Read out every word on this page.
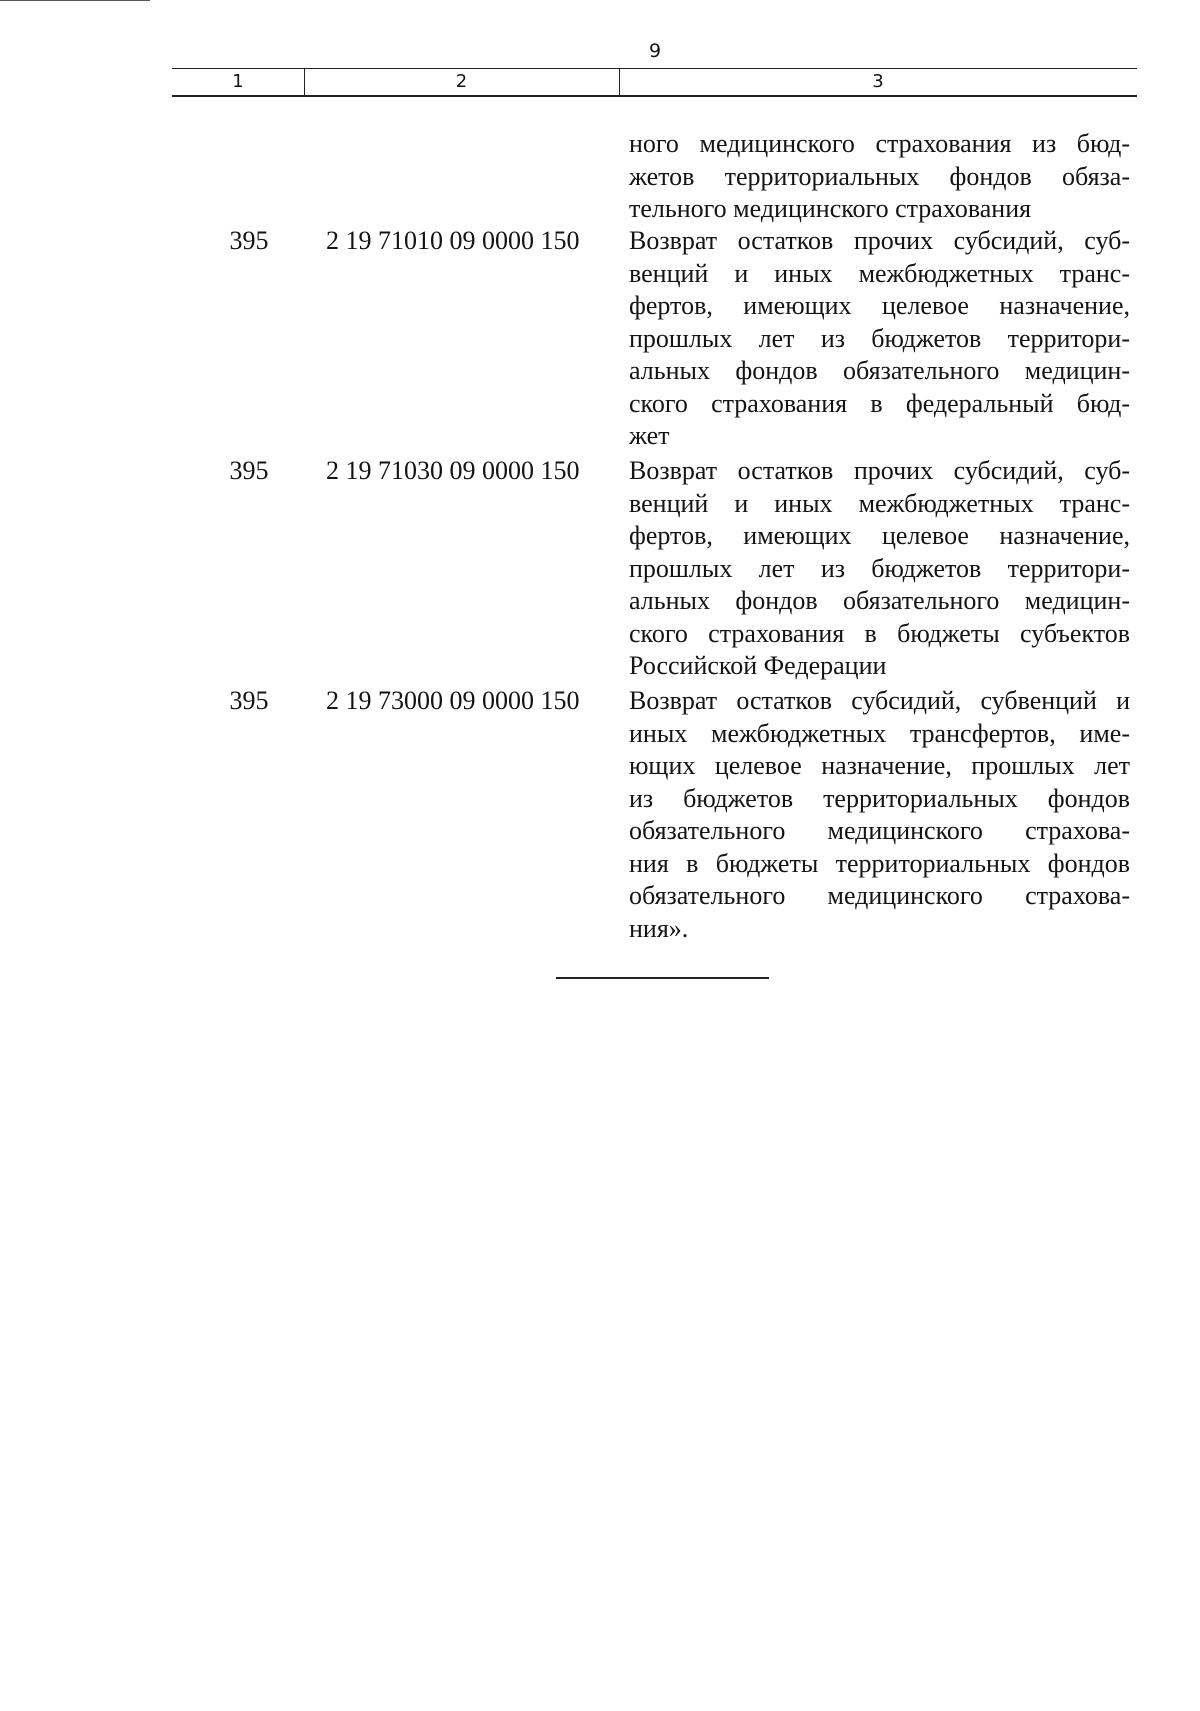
9
1	2	3
ного медицинского страхования из бюд-
жетов территориальных фондов обяза-
тельного медицинского страхования
395	2 19 71010 09 0000 150	Возврат остатков прочих субсидий, суб-
венций и иных межбюджетных транс-
фертов, имеющих целевое назначение,
прошлых лет из бюджетов территори-
альных фондов обязательного медицин-
ского страхования в федеральный бюд-
жет
395	2 19 71030 09 0000 150	Возврат остатков прочих субсидий, суб-
венций и иных межбюджетных транс-
фертов, имеющих целевое назначение,
прошлых лет из бюджетов территори-
альных фондов обязательного медицин-
ского страхования в бюджеты субъектов
Российской Федерации
395	2 19 73000 09 0000 150	Возврат остатков субсидий, субвенций и
иных межбюджетных трансфертов, име-
ющих целевое назначение, прошлых лет
из бюджетов территориальных фондов
обязательного медицинского страхова-
ния в бюджеты территориальных фондов
обязательного медицинского страхова-
ния».
